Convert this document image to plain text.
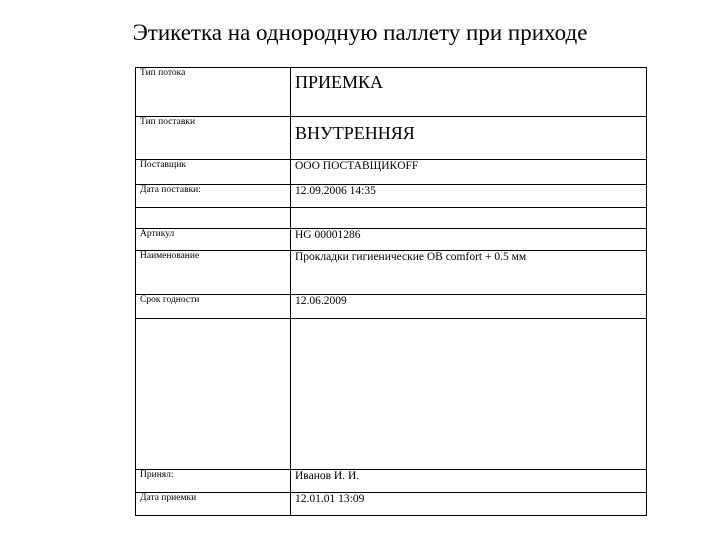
Этикетка на однородную паллету при приходе
Тип потока	ПРИЕМКА
Тип поставки	ВНУТРЕННЯЯ
Поставщик	ООО ПОСТАВЩИКOFF
Дата поставки:	12.09.2006 14:35

Артикул	HG 00001286
Наименование	Прокладки гигиенические OB comfort + 0.5 мм
Срок годности	12.06.2009

Принял:	Иванов И. И.
Дата приемки	12.01.01 13:09
